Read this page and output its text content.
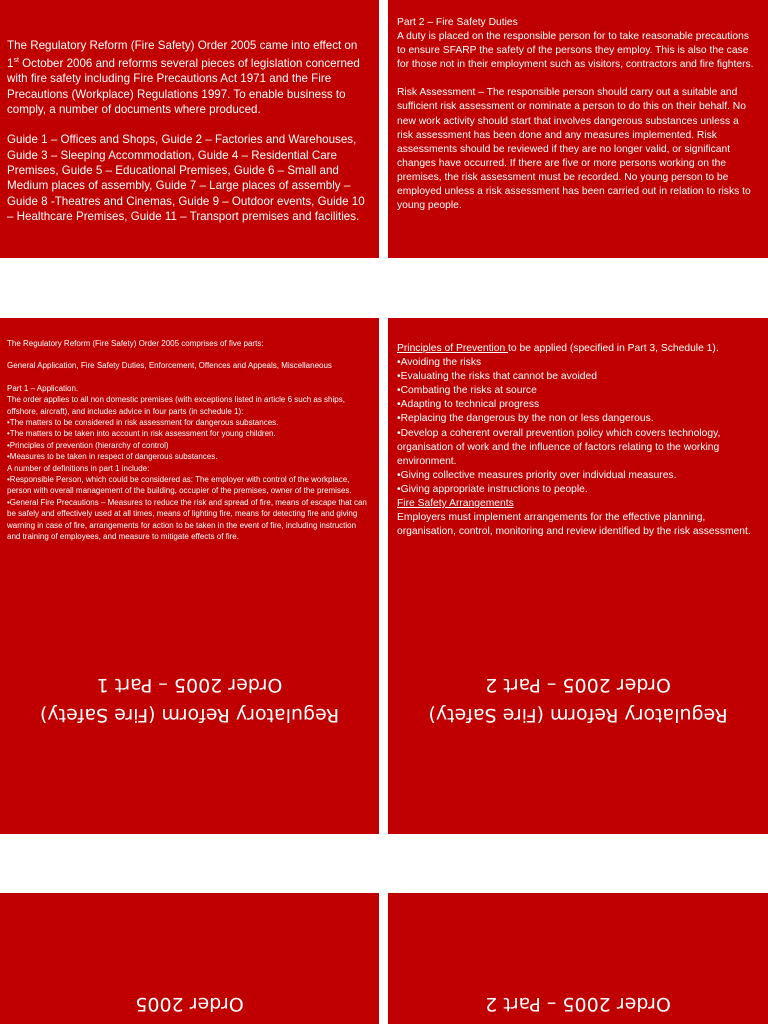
The Regulatory Reform (Fire Safety) Order 2005 came into effect on 1st October 2006 and reforms several pieces of legislation concerned with fire safety including Fire Precautions Act 1971 and the Fire Precautions (Workplace) Regulations 1997. To enable business to comply, a number of documents where produced.

Guide 1 – Offices and Shops, Guide 2 – Factories and Warehouses, Guide 3 – Sleeping Accommodation, Guide 4 – Residential Care Premises, Guide 5 – Educational Premises, Guide 6 – Small and Medium places of assembly, Guide 7 – Large places of assembly – Guide 8 -Theatres and Cinemas, Guide 9 – Outdoor events, Guide 10 – Healthcare Premises, Guide 11 – Transport premises and facilities.

Part 2 – Fire Safety Duties

A duty is placed on the responsible person for to take reasonable precautions to ensure SFARP the safety of the persons they employ. This is also the case for those not in their employment such as visitors, contractors and fire fighters.

Risk Assessment – The responsible person should carry out a suitable and sufficient risk assessment or nominate a person to do this on their behalf. No new work activity should start that involves dangerous substances unless a risk assessment has been done and any measures implemented. Risk assessments should be reviewed if they are no longer valid, or significant changes have occurred. If there are five or more persons working on the premises, the risk assessment must be recorded. No young person to be employed unless a risk assessment has been carried out in relation to risks to young people.

The Regulatory Reform (Fire Safety) Order 2005 comprises of five parts:
General Application, Fire Safety Duties, Enforcement, Offences and Appeals, Miscellaneous
Part 1 – Application.
The order applies to all non domestic premises (with exceptions listed in article 6 such as ships, offshore, aircraft), and includes advice in four parts (in schedule 1):
•The matters to be considered in risk assessment for dangerous substances.
•The matters to be taken into account in risk assessment for young children.
•Principles of prevention (hierarchy of control)
•Measures to be taken in respect of dangerous substances.
A number of definitions in part 1 include:
•Responsible Person, which could be considered as: The employer with control of the workplace, person with overall management of the building, occupier of the premises, owner of the premises.
•General Fire Precautions – Measures to reduce the risk and spread of fire, means of escape that can be safely and effectively used at all times, means of lighting fire, means for detecting fire and giving warning in case of fire, arrangements for action to be taken in the event of fire, including instruction and training of employees, and measure to mitigate effects of fire.
Regulatory Reform (Fire Safety)
Order 2005 – Part 1
Principles of Prevention to be applied (specified in Part 3, Schedule 1).
•Avoiding the risks
•Evaluating the risks that cannot be avoided
•Combating the risks at source
•Adapting to technical progress
•Replacing the dangerous by the non or less dangerous.
•Develop a coherent overall prevention policy which covers technology, organisation of work and the influence of factors relating to the working environment.
•Giving collective measures priority over individual measures.
•Giving appropriate instructions to people.
Fire Safety Arrangements
Employers must implement arrangements for the effective planning, organisation, control, monitoring and review identified by the risk assessment.
Regulatory Reform (Fire Safety)
Order 2005 – Part 2
Order 2005	Order 2005 – Part 2
